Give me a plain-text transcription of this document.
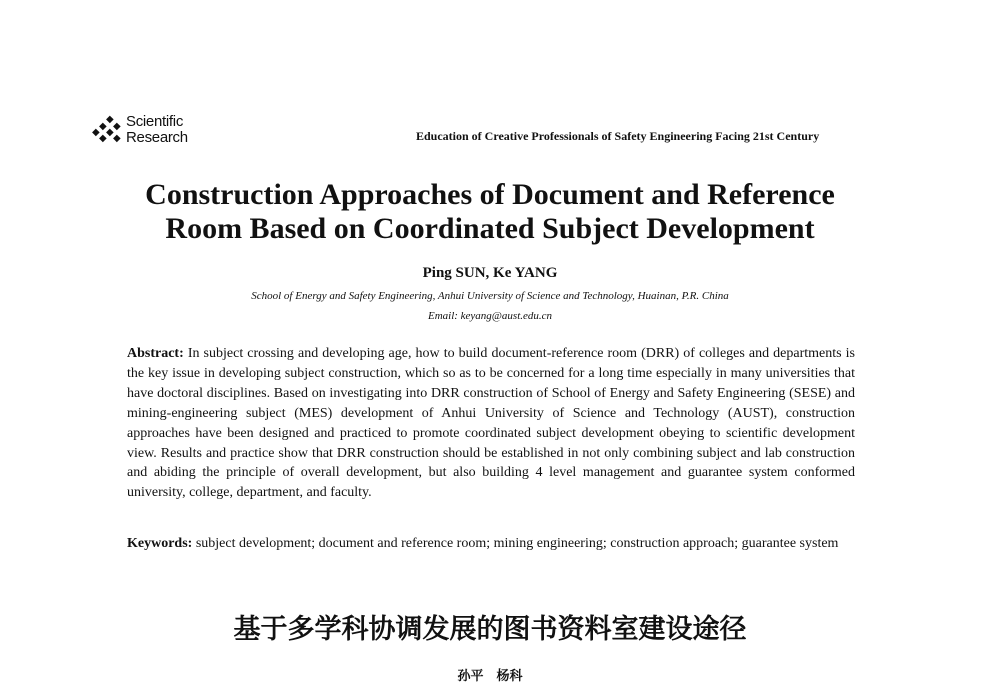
◆
◆ ◆
◆ ◆
◆ ◆
Scientific
Research	Education of Creative Professionals of Safety Engineering Facing 21st Century
Construction Approaches of Document and Reference
Room Based on Coordinated Subject Development
Ping SUN, Ke YANG
School of Energy and Safety Engineering, Anhui University of Science and Technology, Huainan, P.R. China
Email: keyang@aust.edu.cn
Abstract: In subject crossing and developing age, how to build document-reference room (DRR) of colleges and departments is the key issue in developing subject construction, which so as to be concerned for a long time especially in many universities that have doctoral disciplines. Based on investigating into DRR construction of School of Energy and Safety Engineering (SESE) and mining-engineering subject (MES) development of Anhui University of Science and Technology (AUST), construction approaches have been designed and practiced to promote coordinated subject development obeying to scientific development view. Results and practice show that DRR construction should be established in not only combining subject and lab construction and abiding the principle of overall development, but also building 4 level management and guarantee system conformed university, college, department, and faculty.
Keywords: subject development; document and reference room; mining engineering; construction approach; guarantee system
基于多学科协调发展的图书资料室建设途径
孙平　杨科
